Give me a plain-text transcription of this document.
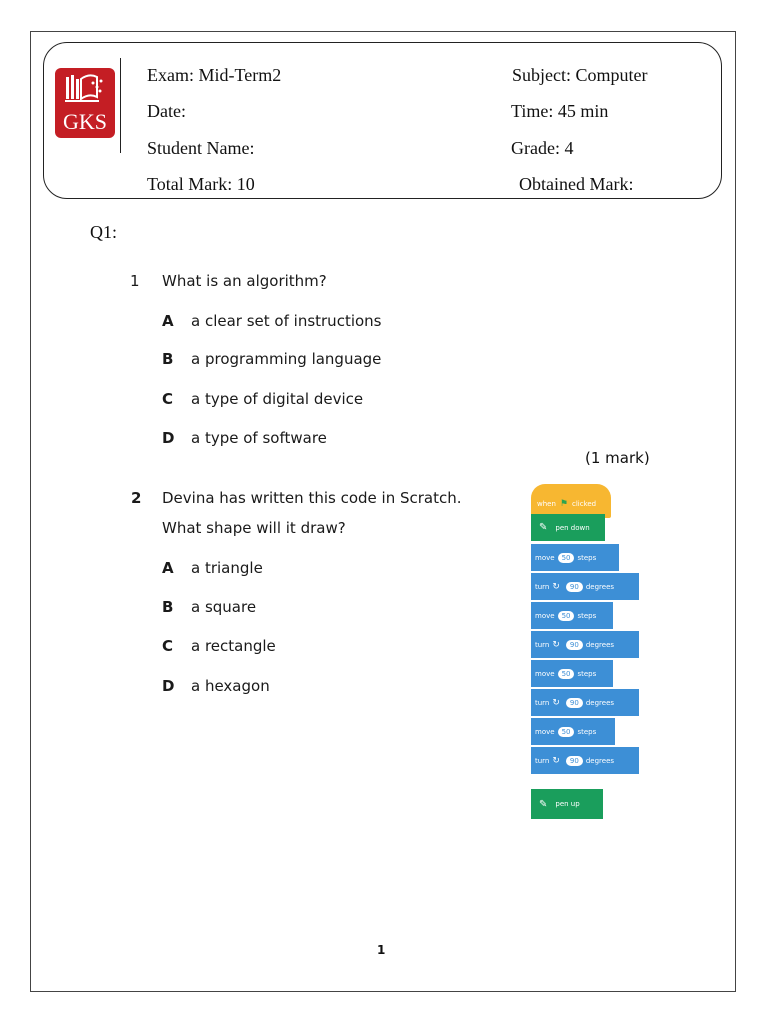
GKS
Exam: Mid-Term2	Subject: Computer
Date:	Time: 45 min
Student Name:	Grade: 4
Total Mark: 10	Obtained Mark:
Q1:
1 What is an algorithm?
A a clear set of instructions
B a programming language
C a type of digital device
D a type of software
(1 mark)
2 Devina has written this code in Scratch.
What shape will it draw?
A a triangle
B a square
C a rectangle
D a hexagon
when ⚑ clicked
✎ pen down
move	50	steps
turn ↻	90	degrees
move	50	steps
turn ↻	90	degrees
move	50	steps
turn ↻	90	degrees
move	50	steps
turn ↻	90	degrees
✎ pen up
1
